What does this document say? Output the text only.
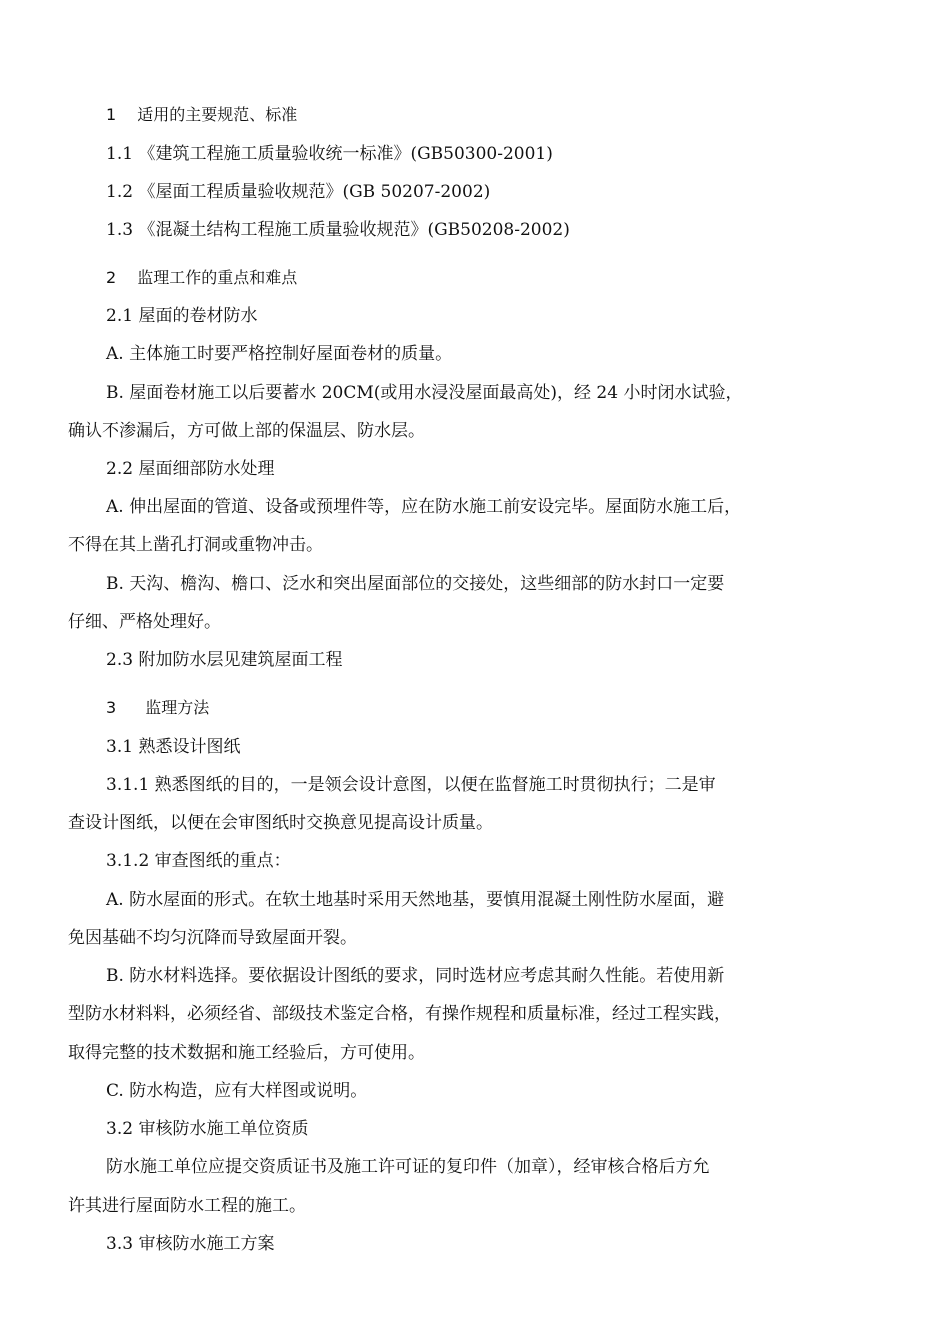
1 适用的主要规范、标准
1.1 《建筑工程施工质量验收统一标准》(GB50300-2001)
1.2 《屋面工程质量验收规范》(GB 50207-2002)
1.3 《混凝土结构工程施工质量验收规范》(GB50208-2002)
2 监理工作的重点和难点
2.1 屋面的卷材防水
A. 主体施工时要严格控制好屋面卷材的质量。
B. 屋面卷材施工以后要蓄水 20CM(或用水浸没屋面最高处)，经 24 小时闭水试验，
确认不渗漏后，方可做上部的保温层、防水层。
2.2 屋面细部防水处理
A. 伸出屋面的管道、设备或预埋件等，应在防水施工前安设完毕。屋面防水施工后，
不得在其上凿孔打洞或重物冲击。
B. 天沟、檐沟、檐口、泛水和突出屋面部位的交接处，这些细部的防水封口一定要
仔细、严格处理好。
2.3 附加防水层见建筑屋面工程
3 监理方法
3.1 熟悉设计图纸
3.1.1 熟悉图纸的目的，一是领会设计意图，以便在监督施工时贯彻执行；二是审
查设计图纸，以便在会审图纸时交换意见提高设计质量。
3.1.2 审查图纸的重点：
A. 防水屋面的形式。在软土地基时采用天然地基，要慎用混凝土刚性防水屋面，避
免因基础不均匀沉降而导致屋面开裂。
B. 防水材料选择。要依据设计图纸的要求，同时选材应考虑其耐久性能。若使用新
型防水材料料，必须经省、部级技术鉴定合格，有操作规程和质量标准，经过工程实践，
取得完整的技术数据和施工经验后，方可使用。
C. 防水构造，应有大样图或说明。
3.2 审核防水施工单位资质
防水施工单位应提交资质证书及施工许可证的复印件（加章），经审核合格后方允
许其进行屋面防水工程的施工。
3.3 审核防水施工方案
